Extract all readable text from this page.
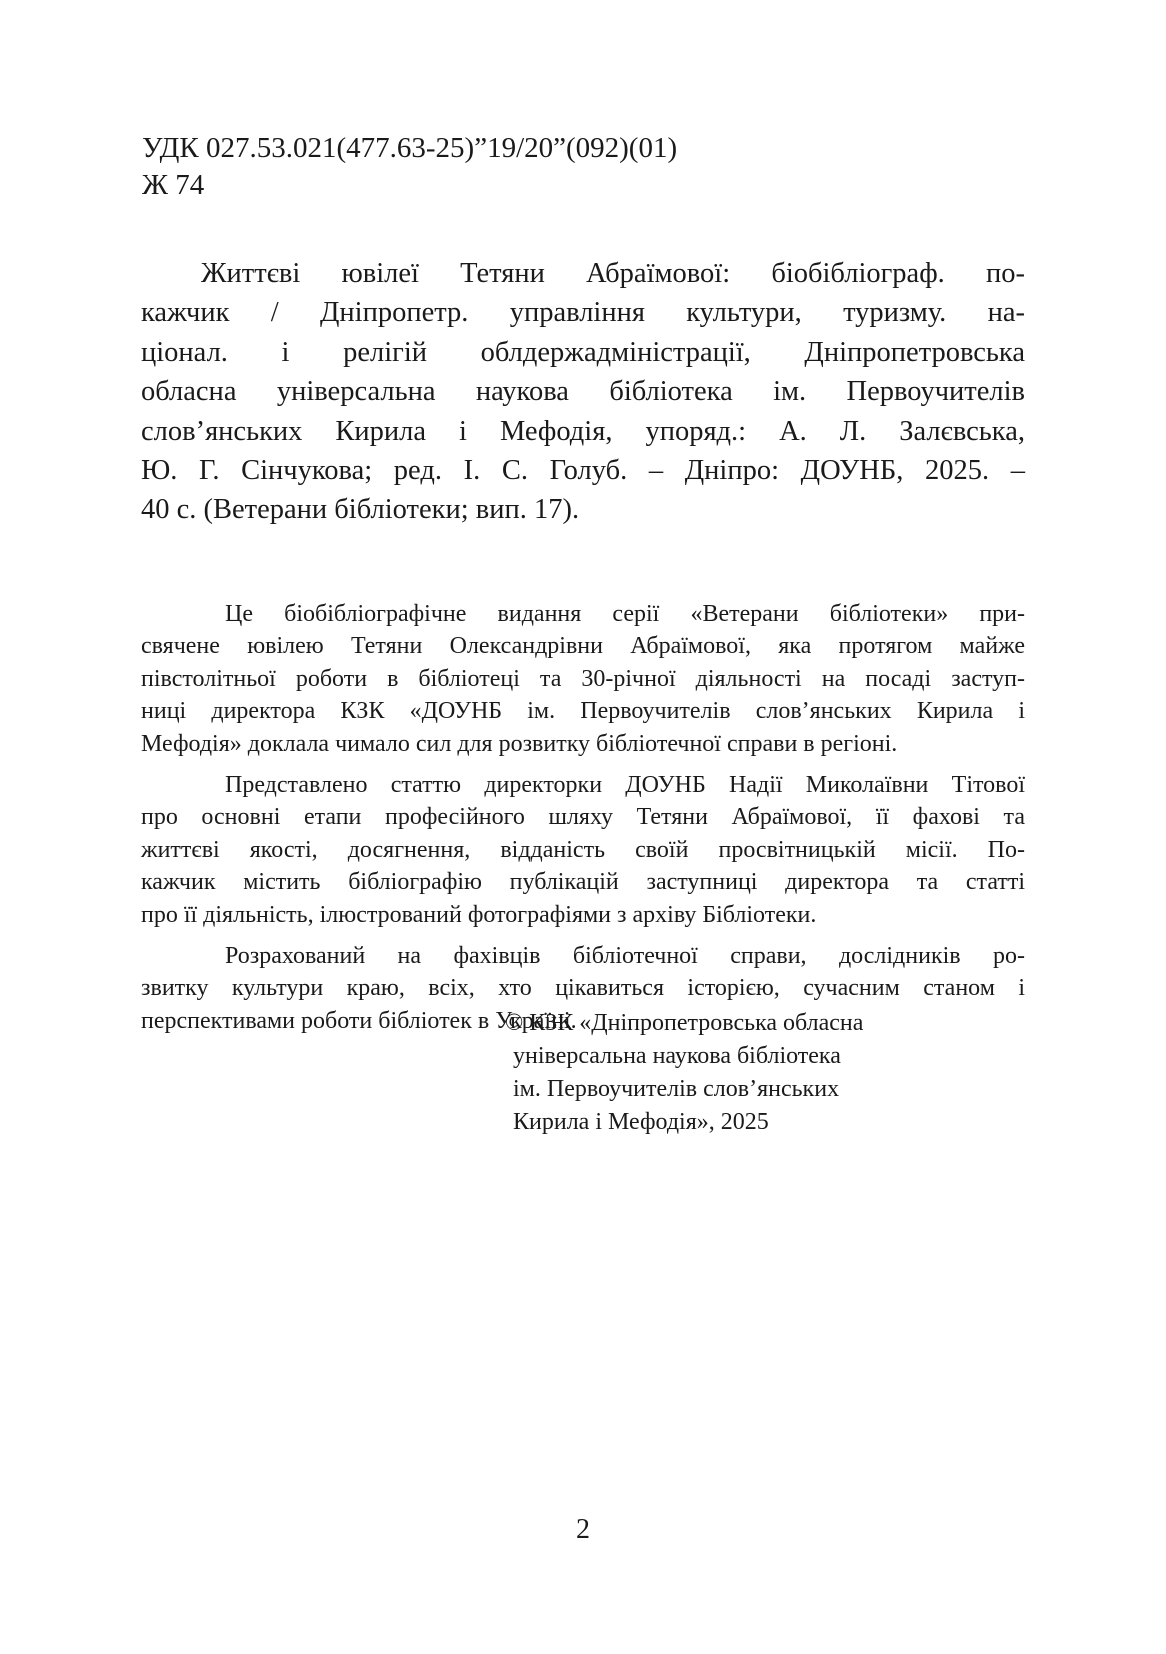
УДК 027.53.021(477.63-25)”19/20”(092)(01)
Ж 74
Життєві ювілеї Тетяни Абраїмової: біобібліограф. по-
кажчик / Дніпропетр. управління культури, туризму. на-
ціонал. і релігій облдержадміністрації, Дніпропетровська
обласна універсальна наукова бібліотека ім. Первоучителів
слов’янських Кирила і Мефодія, упоряд.: А. Л. Залєвська,
Ю. Г. Сінчукова; ред. І. С. Голуб. – Дніпро: ДОУНБ, 2025. –
40 с. (Ветерани бібліотеки; вип. 17).
Це біобібліографічне видання серії «Ветерани бібліотеки» при-
свячене ювілею Тетяни Олександрівни Абраїмової, яка протягом майже
півстолітньої роботи в бібліотеці та 30-річної діяльності на посаді заступ-
ниці директора КЗК «ДОУНБ ім. Первоучителів слов’янських Кирила і
Мефодія» доклала чимало сил для розвитку бібліотечної справи в регіоні.
Представлено статтю директорки ДОУНБ Надії Миколаївни Тітової
про основні етапи професійного шляху Тетяни Абраїмової, її фахові та
життєві якості, досягнення, відданість своїй просвітницькій місії. По-
кажчик містить бібліографію публікацій заступниці директора та статті
про її діяльність, ілюстрований фотографіями з архіву Бібліотеки.
Розрахований на фахівців бібліотечної справи, дослідників ро-
звитку культури краю, всіх, хто цікавиться історією, сучасним станом і
перспективами роботи бібліотек в Україні.
© КЗК «Дніпропетровська обласна
універсальна наукова бібліотека
ім. Первоучителів слов’янських
Кирила і Мефодія», 2025
2
